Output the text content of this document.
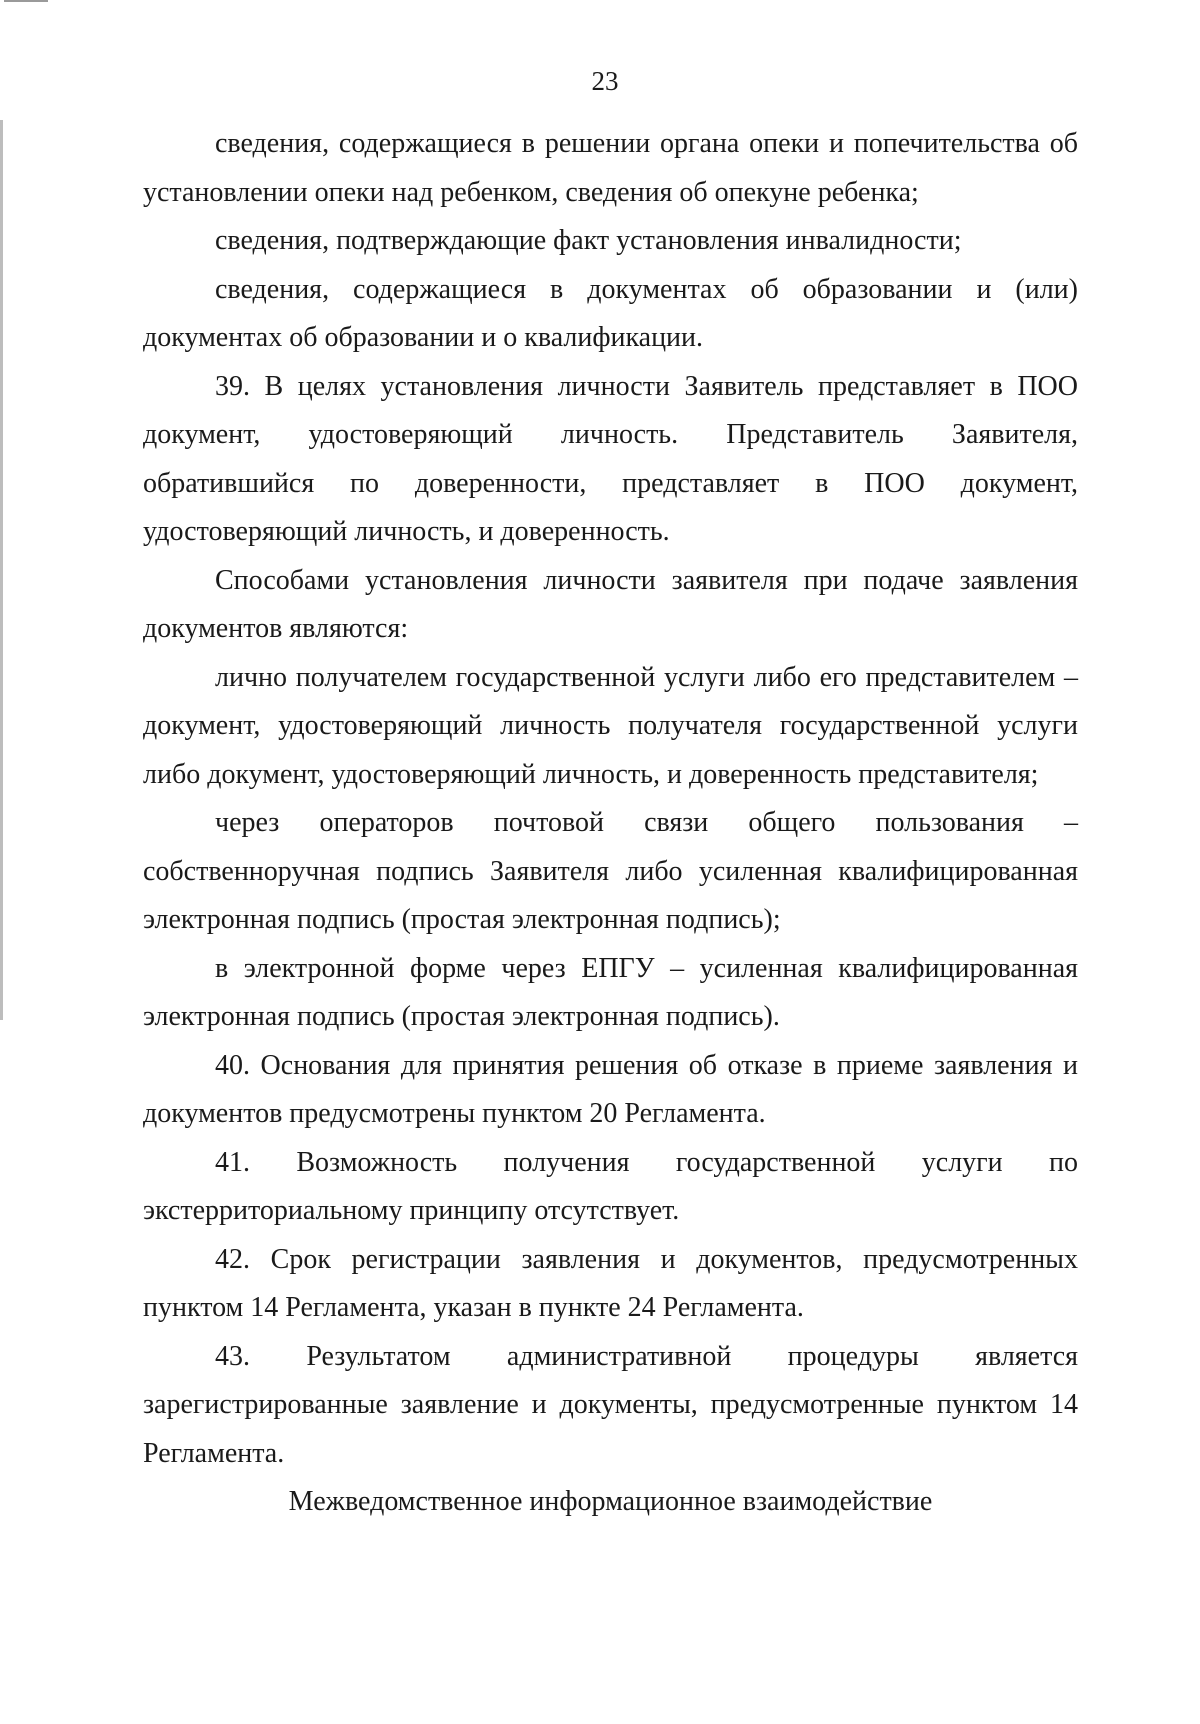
23

сведения, содержащиеся в решении органа опеки и попечительства об установлении опеки над ребенком, сведения об опекуне ребенка;

сведения, подтверждающие факт установления инвалидности;

сведения, содержащиеся в документах об образовании и (или) документах об образовании и о квалификации.

39. В целях установления личности Заявитель представляет в ПОО документ, удостоверяющий личность. Представитель Заявителя, обратившийся по доверенности, представляет в ПОО документ, удостоверяющий личность, и доверенность.

Способами установления личности заявителя при подаче заявления документов являются:

лично получателем государственной услуги либо его представителем – документ, удостоверяющий личность получателя государственной услуги либо документ, удостоверяющий личность, и доверенность представителя;

через операторов почтовой связи общего пользования – собственноручная подпись Заявителя либо усиленная квалифицированная электронная подпись (простая электронная подпись);

в электронной форме через ЕПГУ – усиленная квалифицированная электронная подпись (простая электронная подпись).

40. Основания для принятия решения об отказе в приеме заявления и документов предусмотрены пунктом 20 Регламента.

41. Возможность получения государственной услуги по экстерриториальному принципу отсутствует.

42. Срок регистрации заявления и документов, предусмотренных пунктом 14 Регламента, указан в пункте 24 Регламента.

43. Результатом административной процедуры является зарегистрированные заявление и документы, предусмотренные пунктом 14 Регламента.

Межведомственное информационное взаимодействие
